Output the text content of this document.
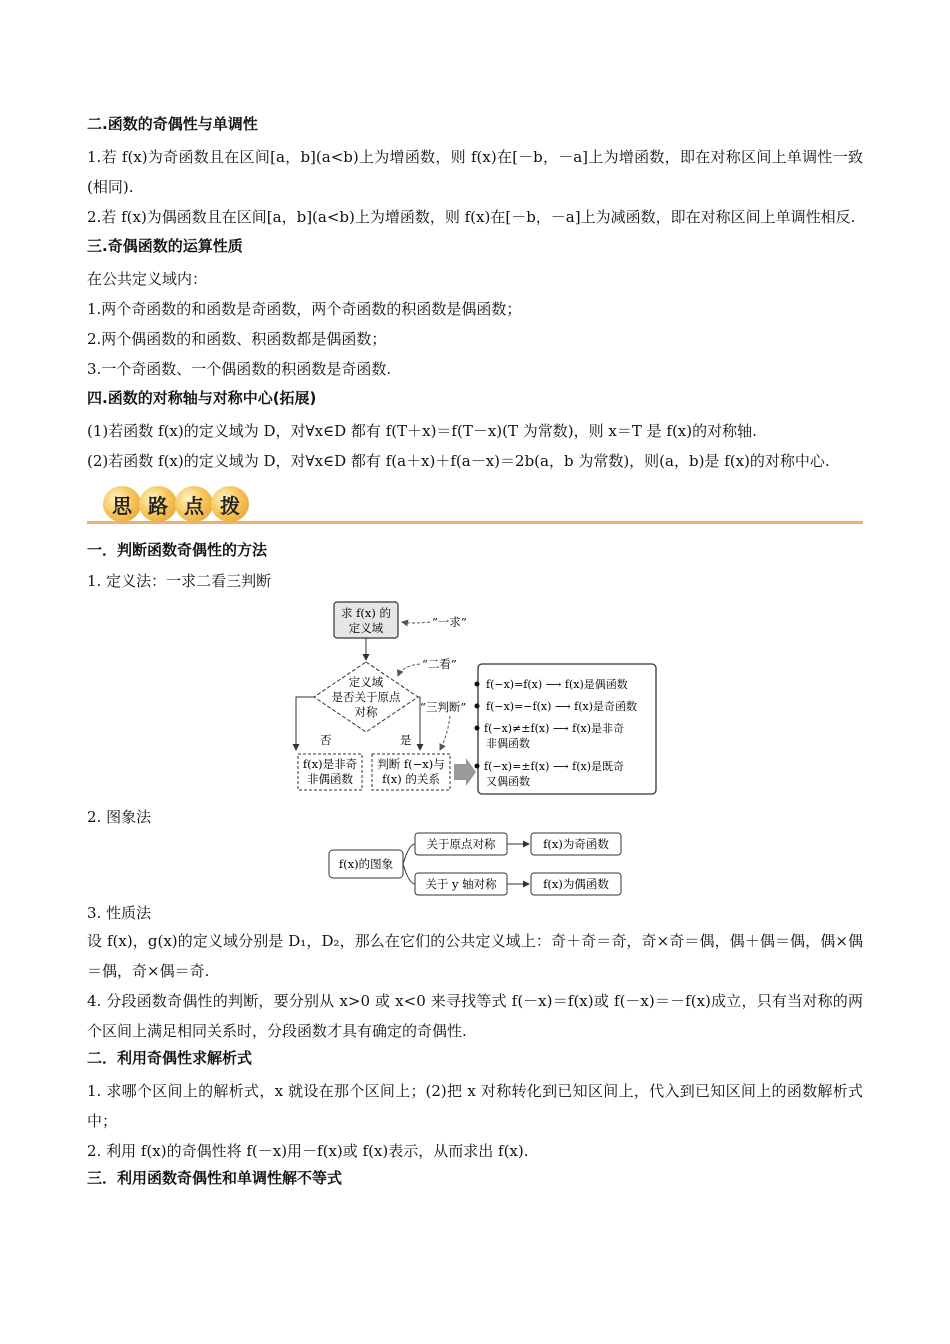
二.函数的奇偶性与单调性

1.若 f(x)为奇函数且在区间[a，b](a<b)上为增函数，则 f(x)在[－b，－a]上为增函数，即在对称区间上单调性一致(相同).

2.若 f(x)为偶函数且在区间[a，b](a<b)上为增函数，则 f(x)在[－b，－a]上为减函数，即在对称区间上单调性相反.

三.奇偶函数的运算性质

在公共定义域内：

1.两个奇函数的和函数是奇函数，两个奇函数的积函数是偶函数；

2.两个偶函数的和函数、积函数都是偶函数；

3.一个奇函数、一个偶函数的积函数是奇函数.

四.函数的对称轴与对称中心(拓展)

(1)若函数 f(x)的定义域为 D，对∀x∈D 都有 f(T＋x)＝f(T－x)(T 为常数)，则 x＝T 是 f(x)的对称轴.

(2)若函数 f(x)的定义域为 D，对∀x∈D 都有 f(a＋x)＋f(a－x)＝2b(a，b 为常数)，则(a，b)是 f(x)的对称中心.

思 路 点 拨
一．判断函数奇偶性的方法

1. 定义法：一求二看三判断

求 f(x) 的
定义域	“一求”
定义域
是否关于原点
对称
“二看”
否	是
“三判断”
f(x)是非奇
非偶函数
判断 f(−x)与
f(x) 的关系
f(−x)=f(x) ⟶ f(x)是偶函数
f(−x)=−f(x) ⟶ f(x)是奇函数
f(−x)≠±f(x) ⟶ f(x)是非奇
非偶函数
f(−x)=±f(x) ⟶ f(x)是既奇
又偶函数

2. 图象法

f(x)的图象
关于原点对称
关于 y 轴对称
f(x)为奇函数
f(x)为偶函数

3. 性质法

设 f(x)，g(x)的定义域分别是 D₁，D₂，那么在它们的公共定义域上：奇＋奇＝奇，奇×奇＝偶，偶＋偶＝偶，偶×偶＝偶，奇×偶＝奇.

4. 分段函数奇偶性的判断，要分别从 x>0 或 x<0 来寻找等式 f(－x)＝f(x)或 f(－x)＝－f(x)成立，只有当对称的两个区间上满足相同关系时，分段函数才具有确定的奇偶性.

二．利用奇偶性求解析式

1. 求哪个区间上的解析式，x 就设在那个区间上；(2)把 x 对称转化到已知区间上，代入到已知区间上的函数解析式中；

2. 利用 f(x)的奇偶性将 f(－x)用－f(x)或 f(x)表示，从而求出 f(x).

三．利用函数奇偶性和单调性解不等式
